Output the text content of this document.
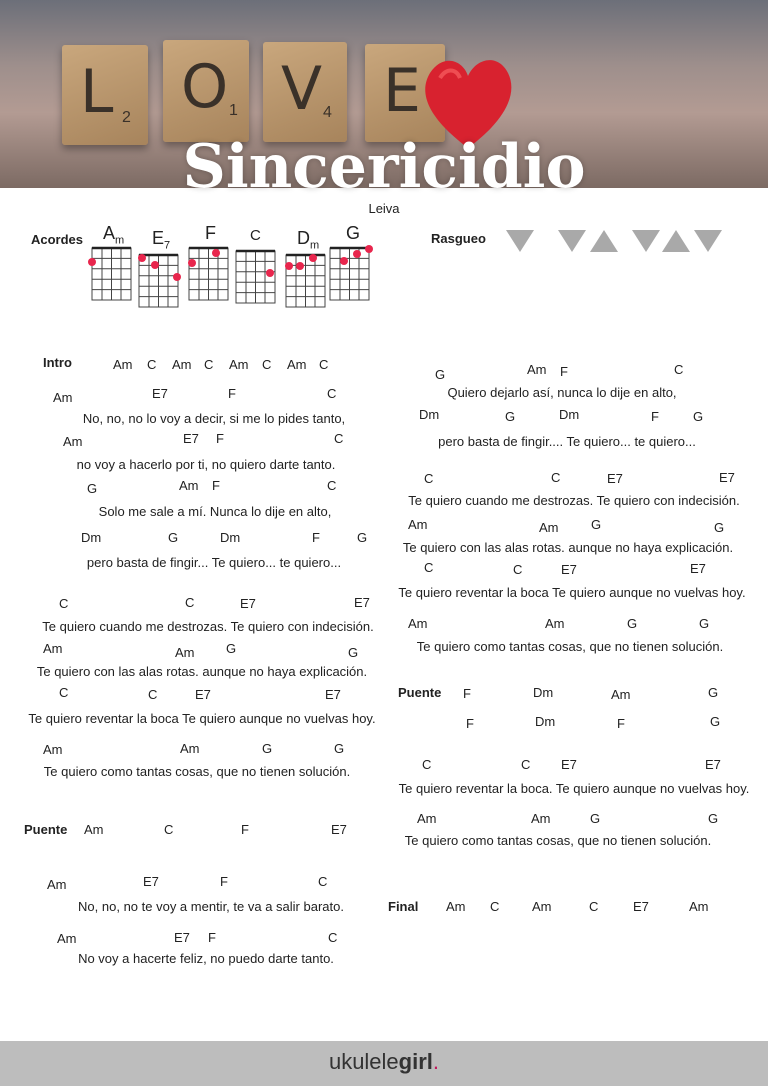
L 2 O 1 V 4 E
Sincericidio
Leiva
Acordes $A_m$ $E_7$
F C $D_m$
G	Rasgueo
Intro	Am C Am C Am C Am C
Am	E7	F	C
No, no, no lo voy a decir, si me lo pides tanto,
Am	E7 F	C
no voy a hacerlo por ti, no quiero darte tanto.
G	Am F	C
Solo me sale a mí. Nunca lo dije en alto,
Dm	G	Dm	F	G
pero basta de fingir... Te quiero... te quiero...
C	C	E7	E7
Te quiero cuando me destrozas. Te quiero con indecisión.
Am	Am G	G
Te quiero con las alas rotas. aunque no haya explicación.
C	C	E7	E7
Te quiero reventar la boca Te quiero aunque no vuelvas hoy.
Am	Am	G	G
Te quiero como tantas cosas, que no tienen solución.
Puente Am	C	F	E7
Am	E7	F	C
No, no, no te voy a mentir, te va a salir barato.
Am	E7 F	C
No voy a hacerte feliz, no puedo darte tanto.
G	Am F	C
Quiero dejarlo así, nunca lo dije en alto,
Dm	G	Dm	F	G
pero basta de fingir.... Te quiero... te quiero...
C	C	E7	E7
Te quiero cuando me destrozas. Te quiero con indecisión.
Am	Am	G	G
Te quiero con las alas rotas. aunque no haya explicación.
C	C	E7	E7
Te quiero reventar la boca Te quiero aunque no vuelvas hoy.
Am	Am	G	G
Te quiero como tantas cosas, que no tienen solución.
Puente F	Dm	Am	G
F	Dm	F	G
C	C E7	E7
Te quiero reventar la boca. Te quiero aunque no vuelvas hoy.
Am	Am	G	G
Te quiero como tantas cosas, que no tienen solución.
Final Am C	Am	C	E7	Am
ukulelegirl.
